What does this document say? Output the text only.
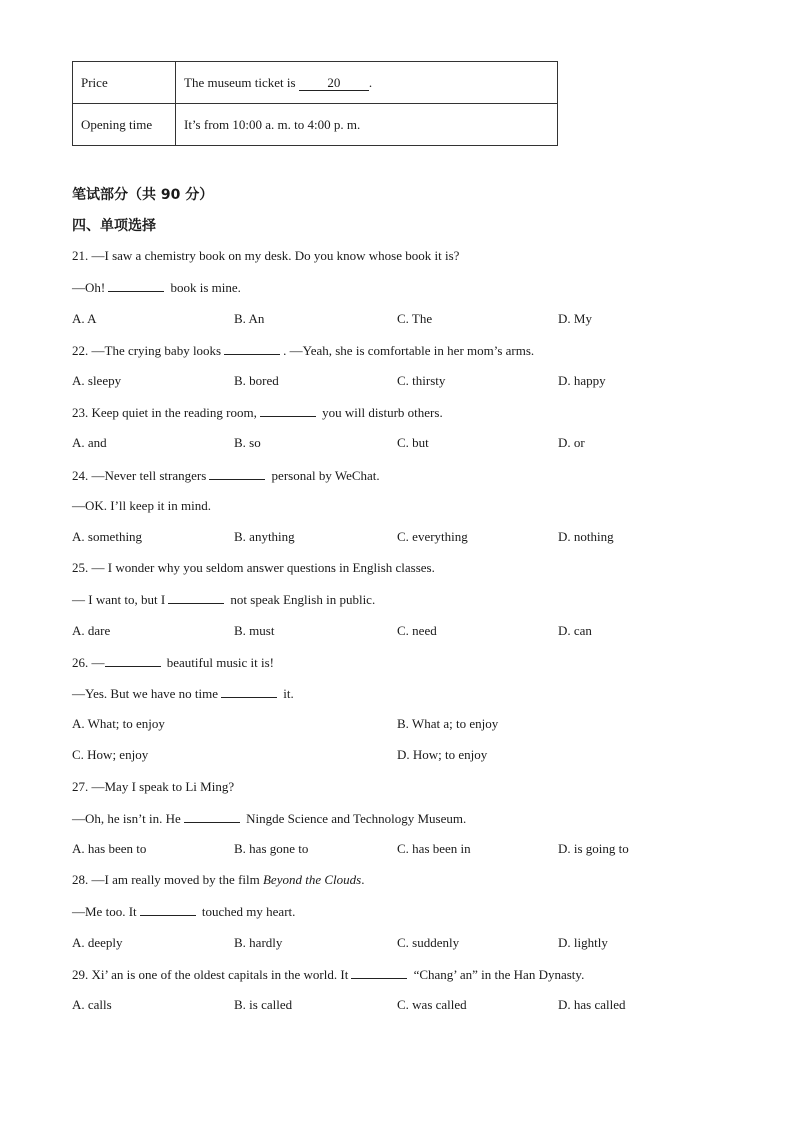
Price	The museum ticket is 20 .
Opening time	It’s from 10:00 a. m. to 4:00 p. m.
笔试部分（共 90 分）
四、单项选择
21. —I saw a chemistry book on my desk. Do you know whose book it is?
—Oh!	book is mine.
A. A	B. An	C. The	D. My
22. —The crying baby looks	. —Yeah, she is comfortable in her mom’s arms.
A. sleepy	B. bored	C. thirsty	D. happy
23. Keep quiet in the reading room,	you will disturb others.
A. and	B. so	C. but	D. or
24. —Never tell strangers	personal by WeChat.
—OK. I’ll keep it in mind.
A. something	B. anything	C. everything	D. nothing
25. — I wonder why you seldom answer questions in English classes.
— I want to, but I	not speak English in public.
A. dare	B. must	C. need	D. can
26. —	beautiful music it is!
—Yes. But we have no time	it.
A. What; to enjoy	B. What a; to enjoy
C. How; enjoy	D. How; to enjoy
27. —May I speak to Li Ming?
—Oh, he isn’t in. He	Ningde Science and Technology Museum.
A. has been to	B. has gone to	C. has been in	D. is going to
28. —I am really moved by the film Beyond the Clouds.
—Me too. It	touched my heart.
A. deeply	B. hardly	C. suddenly	D. lightly
29. Xi’ an is one of the oldest capitals in the world. It	“Chang’ an” in the Han Dynasty.
A. calls	B. is called	C. was called	D. has called
